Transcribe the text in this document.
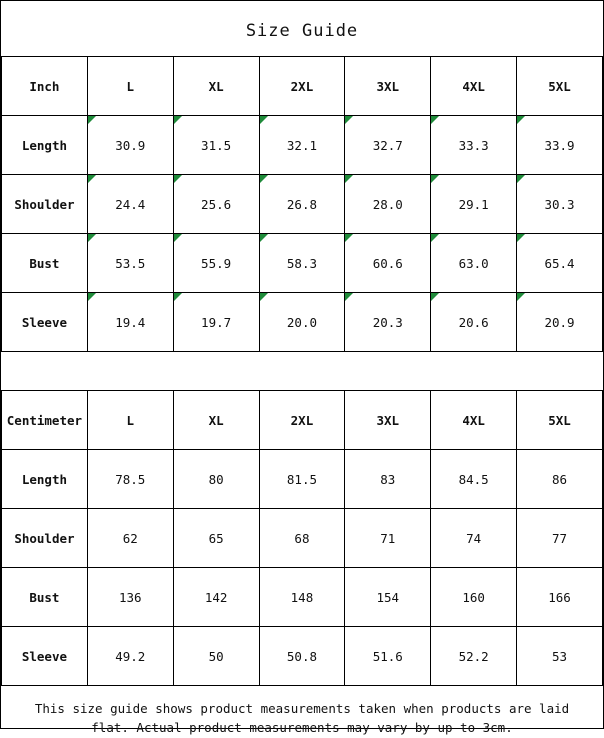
Size Guide
Inch	L	XL	2XL	3XL	4XL	5XL
Length	30.9	31.5	32.1	32.7	33.3	33.9
Shoulder	24.4	25.6	26.8	28.0	29.1	30.3
Bust	53.5	55.9	58.3	60.6	63.0	65.4
Sleeve	19.4	19.7	20.0	20.3	20.6	20.9
Centimeter	L	XL	2XL	3XL	4XL	5XL
Length	78.5	80	81.5	83	84.5	86
Shoulder	62	65	68	71	74	77
Bust	136	142	148	154	160	166
Sleeve	49.2	50	50.8	51.6	52.2	53
This size guide shows product measurements taken when products are laid flat. Actual product measurements may vary by up to 3cm.
